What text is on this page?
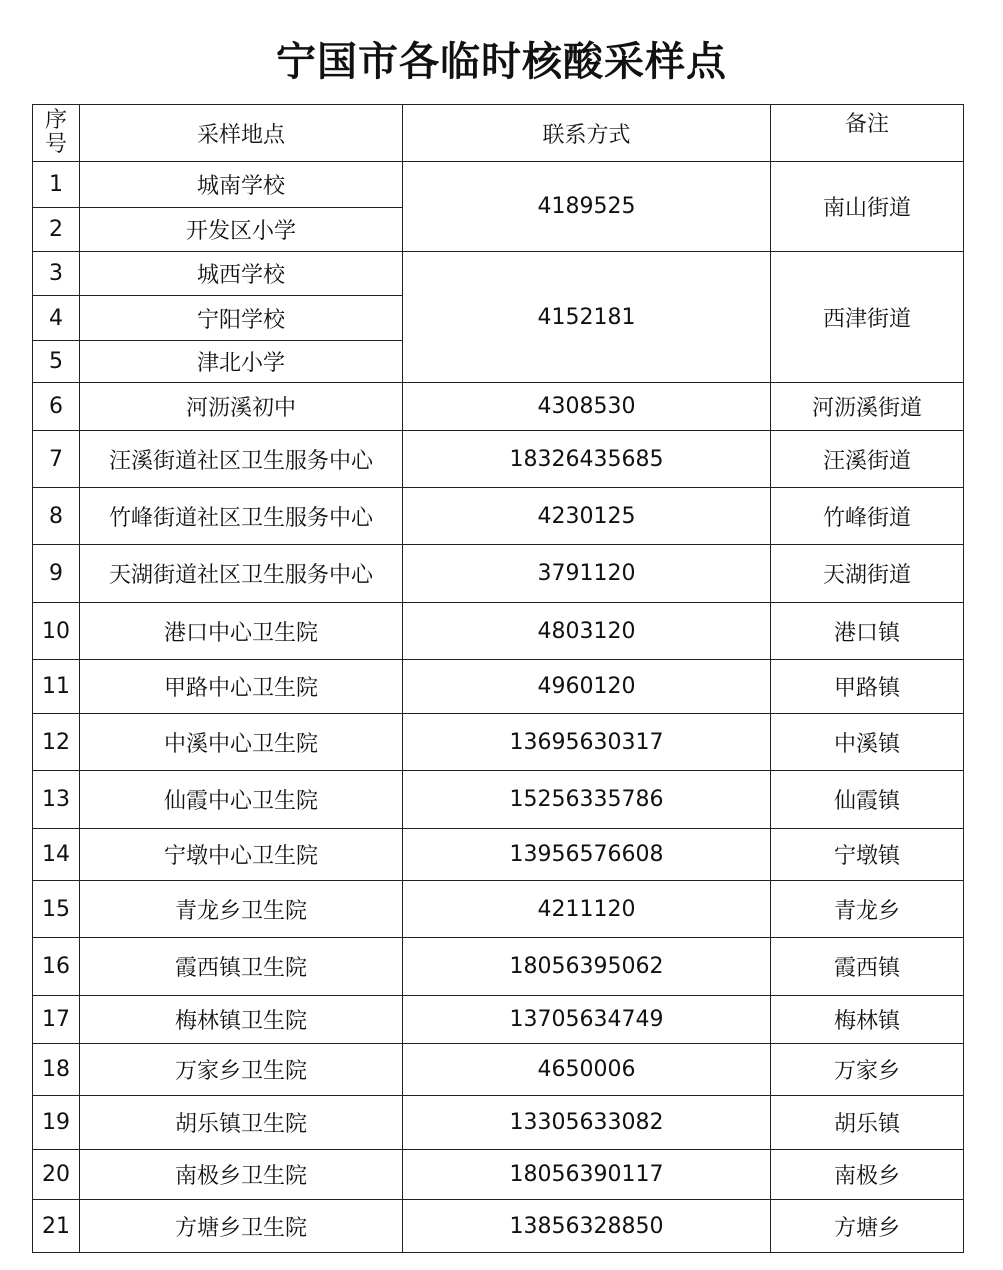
宁国市各临时核酸采样点
序号	采样地点	联系方式	备注
1	城南学校	4189525	南山街道
2	开发区小学		
3	城西学校	4152181	西津街道
4	宁阳学校		
5	津北小学		
6	河沥溪初中	4308530	河沥溪街道
7	汪溪街道社区卫生服务中心	18326435685	汪溪街道
8	竹峰街道社区卫生服务中心	4230125	竹峰街道
9	天湖街道社区卫生服务中心	3791120	天湖街道
10	港口中心卫生院	4803120	港口镇
11	甲路中心卫生院	4960120	甲路镇
12	中溪中心卫生院	13695630317	中溪镇
13	仙霞中心卫生院	15256335786	仙霞镇
14	宁墩中心卫生院	13956576608	宁墩镇
15	青龙乡卫生院	4211120	青龙乡
16	霞西镇卫生院	18056395062	霞西镇
17	梅林镇卫生院	13705634749	梅林镇
18	万家乡卫生院	4650006	万家乡
19	胡乐镇卫生院	13305633082	胡乐镇
20	南极乡卫生院	18056390117	南极乡
21	方塘乡卫生院	13856328850	方塘乡
